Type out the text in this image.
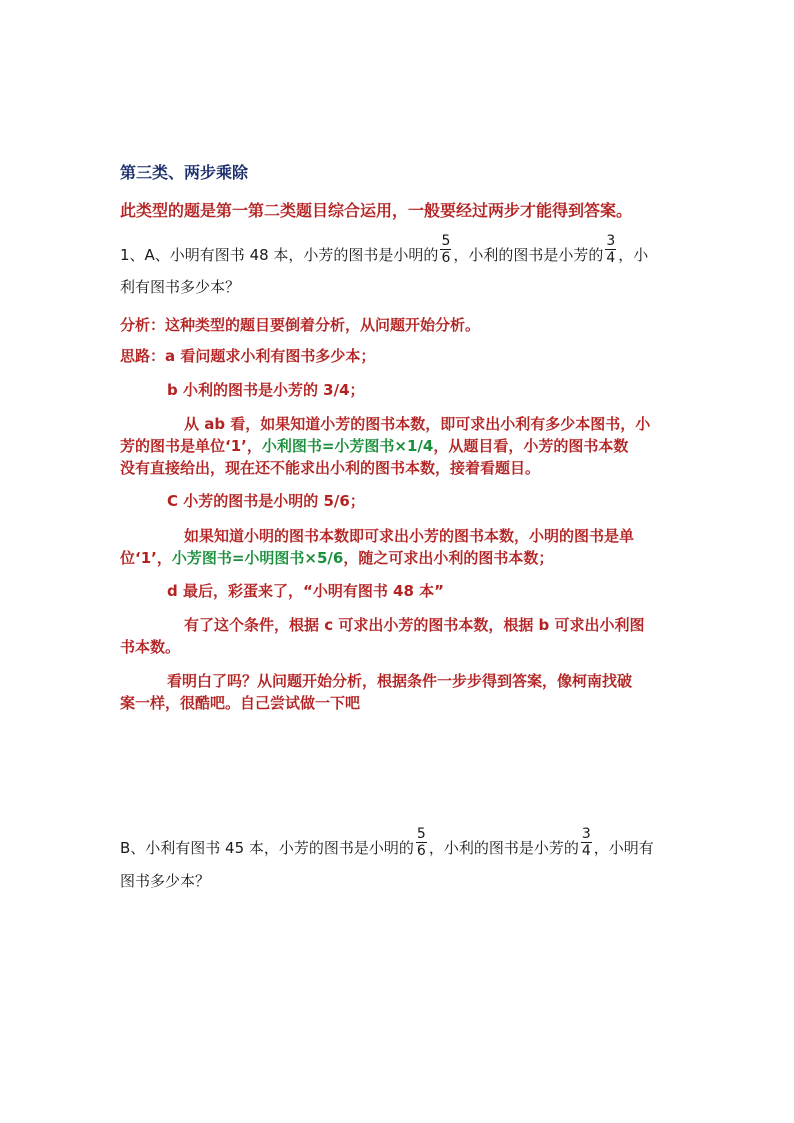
第三类、两步乘除
此类型的题是第一第二类题目综合运用，一般要经过两步才能得到答案。
1、A、小明有图书 48 本，小芳的图书是小明的 $\frac{5}{6}$ ，小利的图书是小芳的 $\frac{3}{4}$ ，小
利有图书多少本？
分析：这种类型的题目要倒着分析，从问题开始分析。
思路：a 看问题求小利有图书多少本；
b 小利的图书是小芳的 3/4；
从 ab 看，如果知道小芳的图书本数，即可求出小利有多少本图书，小
芳的图书是单位‘1’，小利图书=小芳图书×1/4，从题目看，小芳的图书本数
没有直接给出，现在还不能求出小利的图书本数，接着看题目。
C 小芳的图书是小明的 5/6；
如果知道小明的图书本数即可求出小芳的图书本数，小明的图书是单
位‘1’，小芳图书=小明图书×5/6，随之可求出小利的图书本数；
d 最后，彩蛋来了，“小明有图书 48 本”
有了这个条件，根据 c 可求出小芳的图书本数，根据 b 可求出小利图
书本数。
看明白了吗？从问题开始分析，根据条件一步步得到答案，像柯南找破
案一样，很酷吧。自己尝试做一下吧
B、小利有图书 45 本，小芳的图书是小明的 $\frac{5}{6}$ ，小利的图书是小芳的 $\frac{3}{4}$ ，小明有
图书多少本？
